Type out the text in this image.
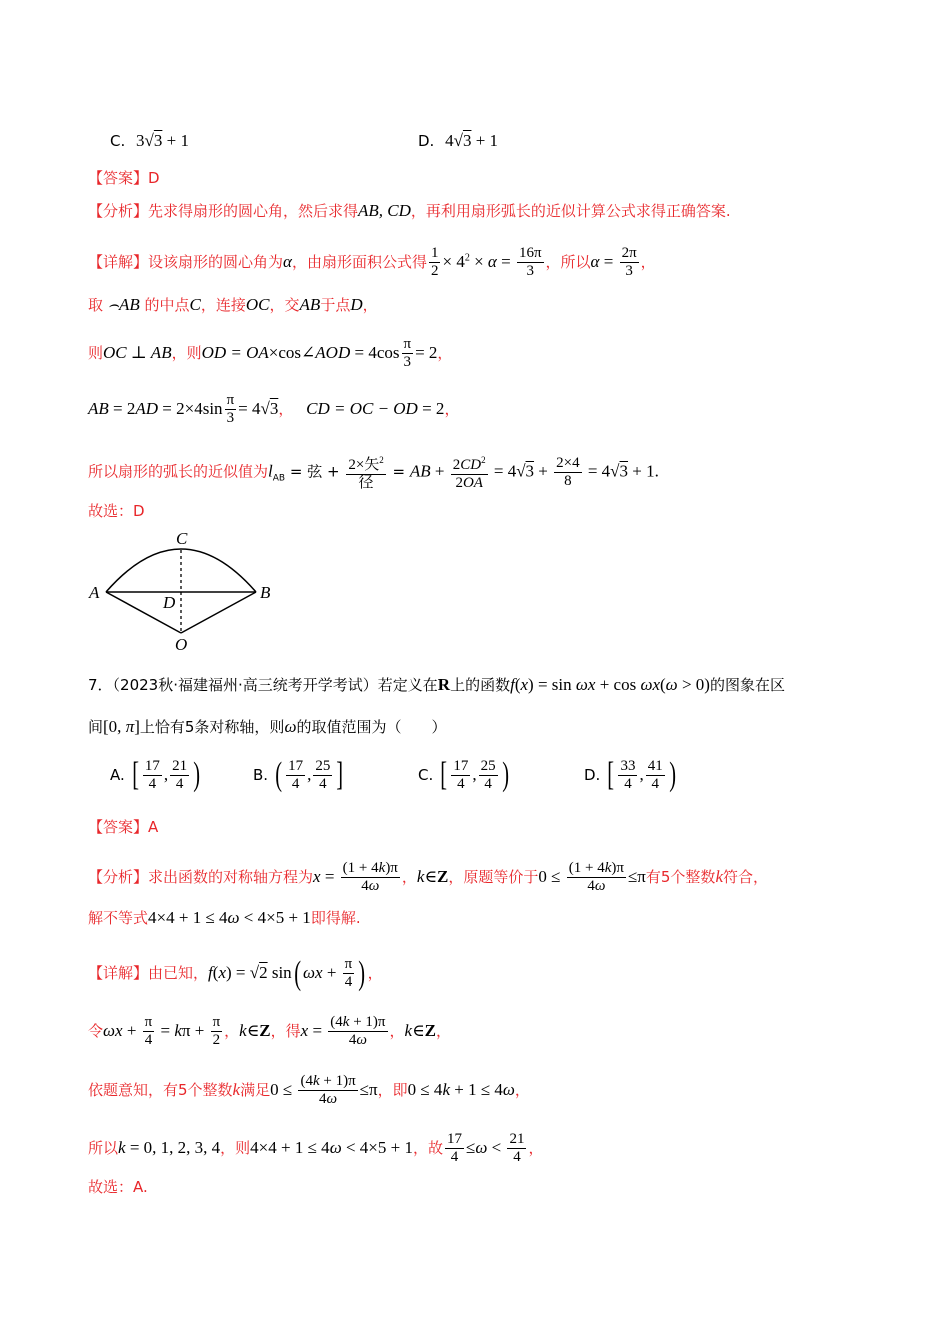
C. 3√3 + 1	D. 4√3 + 1
【答案】D
【分析】先求得扇形的圆心角，然后求得AB, CD，再利用扇形弧长的近似计算公式求得正确答案.
【详解】设该扇形的圆心角为α，由扇形面积公式得 $\frac{1}{2} \times 4^2 \times \alpha = \frac{16\pi}{3}$ ，所以$\alpha = \frac{2\pi}{3}$ ，
取 ⌢AB 的中点C，连接OC，交AB于点D，
则OC ⊥ AB，则OD = OA×cos∠AOD = $4\cos \frac{\pi}{3} = 2$，
AB = $2AD = 2\times 4\sin \frac{\pi}{3} = 4√3$， CD = OC − OD = 2，
所以扇形的弧长的近似值为$l_{AB}$ = 弦 + $\frac{2\times 矢^2}{\text{径}}$ = AB + $\frac{2CD^2}{2OA} = 4√3 + \frac{2\times 4}{8} = 4√3 + 1$.
故选：D
C
A	B
D
O
7．（2023秋·福建福州·高三统考开学考试）若定义在R上的函数f(x) = sin ωx + cos ωx(ω > 0)的图象在区
间[0, π]上恰有5条对称轴，则ω的取值范围为（　　）
A. [ $\frac{17}{4}$ , $\frac{21}{4}$ )	B. ( $\frac{17}{4}$ , $\frac{25}{4}$ ]	C. [ $\frac{17}{4}$ , $\frac{25}{4}$ )	D. [ $\frac{33}{4}$ , $\frac{41}{4}$ )
【答案】A
【分析】求出函数的对称轴方程为$x = \frac{(1 + 4k)\pi}{4\omega}$ ，k∈Z，原题等价于$0 \le \frac{(1 + 4k)\pi}{4\omega} \le\pi$有5个整数k符合，
解不等式4×4 + 1 ≤ 4ω < 4×5 + 1即得解.
【详解】由已知，f(x) = √2 sin( $\omega x + \frac{\pi}{4}$ ) ，
令$\omega x + \frac{\pi}{4} = k\pi + \frac{\pi}{2}$ ，k∈Z，得$x = \frac{(4k + 1)\pi}{4\omega}$ ，k∈Z，
依题意知，有5个整数k满足$0 \le \frac{(4k + 1)\pi}{4\omega} \le\pi$，即0 ≤ 4k + 1 ≤ 4ω，
所以k = 0, 1, 2, 3, 4，则4×4 + 1 ≤ 4ω < 4×5 + 1，故 $\frac{17}{4} \le\omega < \frac{21}{4}$ ，
故选：A.
